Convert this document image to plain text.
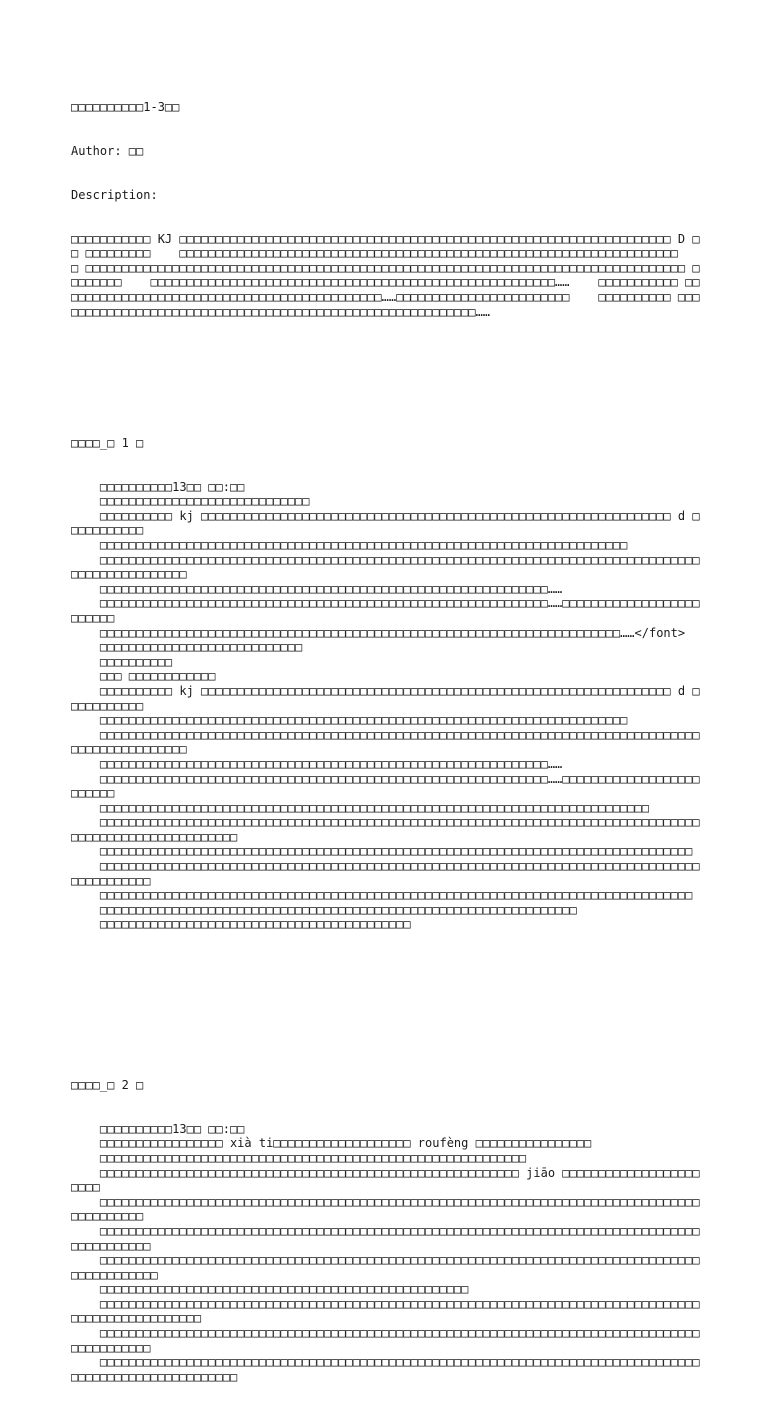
□□□□□□□□□□1-3□□

Author: □□

Description:

□□□□□□□□□□□ KJ □□□□□□□□□□□□□□□□□□□□□□□□□□□□□□□□□□□□□□□□□□□□□□□□□□□□□□□□□□□□□□□□□□□□ D □□ □□□□□□□□□    □□□□□□□□□□□□□□□□□□□□□□□□□□□□□□□□□□□□□□□□□□□□□□□□□□□□□□□□□□□□□□□□□□□□□    □ □□□□□□□□□□□□□□□□□□□□□□□□□□□□□□□□□□□□□□□□□□□□□□□□□□□□□□□□□□□□□□□□□□□□□□□□□□□□□□□□□□□ □□□□□□□□    □□□□□□□□□□□□□□□□□□□□□□□□□□□□□□□□□□□□□□□□□□□□□□□□□□□□□□□□……    □□□□□□□□□□□ □□□□□□□□□□□□□□□□□□□□□□□□□□□□□□□□□□□□□□□□□□□□□……□□□□□□□□□□□□□□□□□□□□□□□□    □□□□□□□□□□ □□□□□□□□□□□□□□□□□□□□□□□□□□□□□□□□□□□□□□□□□□□□□□□□□□□□□□□□□□□……

□□□□_□ 1 □

□□□□□□□□□□13□□ □□:□□
□□□□□□□□□□□□□□□□□□□□□□□□□□□□□
□□□□□□□□□□ kj □□□□□□□□□□□□□□□□□□□□□□□□□□□□□□□□□□□□□□□□□□□□□□□□□□□□□□□□□□□□□□□□□ d □□□□□□□□□□□
□□□□□□□□□□□□□□□□□□□□□□□□□□□□□□□□□□□□□□□□□□□□□□□□□□□□□□□□□□□□□□□□□□□□□□□□□
□□□□□□□□□□□□□□□□□□□□□□□□□□□□□□□□□□□□□□□□□□□□□□□□□□□□□□□□□□□□□□□□□□□□□□□□□□□□□□□□□□□□□□□□□□□□□□□□□□□
□□□□□□□□□□□□□□□□□□□□□□□□□□□□□□□□□□□□□□□□□□□□□□□□□□□□□□□□□□□□□□……
□□□□□□□□□□□□□□□□□□□□□□□□□□□□□□□□□□□□□□□□□□□□□□□□□□□□□□□□□□□□□□……□□□□□□□□□□□□□□□□□□□□□□□□□
□□□□□□□□□□□□□□□□□□□□□□□□□□□□□□□□□□□□□□□□□□□□□□□□□□□□□□□□□□□□□□□□□□□□□□□□……</font>
□□□□□□□□□□□□□□□□□□□□□□□□□□□□
□□□□□□□□□□
□□□ □□□□□□□□□□□□
□□□□□□□□□□ kj □□□□□□□□□□□□□□□□□□□□□□□□□□□□□□□□□□□□□□□□□□□□□□□□□□□□□□□□□□□□□□□□□ d □□□□□□□□□□□
□□□□□□□□□□□□□□□□□□□□□□□□□□□□□□□□□□□□□□□□□□□□□□□□□□□□□□□□□□□□□□□□□□□□□□□□□
□□□□□□□□□□□□□□□□□□□□□□□□□□□□□□□□□□□□□□□□□□□□□□□□□□□□□□□□□□□□□□□□□□□□□□□□□□□□□□□□□□□□□□□□□□□□□□□□□□□
□□□□□□□□□□□□□□□□□□□□□□□□□□□□□□□□□□□□□□□□□□□□□□□□□□□□□□□□□□□□□□……
□□□□□□□□□□□□□□□□□□□□□□□□□□□□□□□□□□□□□□□□□□□□□□□□□□□□□□□□□□□□□□……□□□□□□□□□□□□□□□□□□□□□□□□□
□□□□□□□□□□□□□□□□□□□□□□□□□□□□□□□□□□□□□□□□□□□□□□□□□□□□□□□□□□□□□□□□□□□□□□□□□□□□
□□□□□□□□□□□□□□□□□□□□□□□□□□□□□□□□□□□□□□□□□□□□□□□□□□□□□□□□□□□□□□□□□□□□□□□□□□□□□□□□□□□□□□□□□□□□□□□□□□□□□□□□□□
□□□□□□□□□□□□□□□□□□□□□□□□□□□□□□□□□□□□□□□□□□□□□□□□□□□□□□□□□□□□□□□□□□□□□□□□□□□□□□□□□□
□□□□□□□□□□□□□□□□□□□□□□□□□□□□□□□□□□□□□□□□□□□□□□□□□□□□□□□□□□□□□□□□□□□□□□□□□□□□□□□□□□□□□□□□□□□□□□
□□□□□□□□□□□□□□□□□□□□□□□□□□□□□□□□□□□□□□□□□□□□□□□□□□□□□□□□□□□□□□□□□□□□□□□□□□□□□□□□□□
□□□□□□□□□□□□□□□□□□□□□□□□□□□□□□□□□□□□□□□□□□□□□□□□□□□□□□□□□□□□□□□□□□
□□□□□□□□□□□□□□□□□□□□□□□□□□□□□□□□□□□□□□□□□□□

□□□□_□ 2 □

□□□□□□□□□□13□□ □□:□□
□□□□□□□□□□□□□□□□□ xià ti□□□□□□□□□□□□□□□□□□□ roufèng □□□□□□□□□□□□□□□□
□□□□□□□□□□□□□□□□□□□□□□□□□□□□□□□□□□□□□□□□□□□□□□□□□□□□□□□□□□□
□□□□□□□□□□□□□□□□□□□□□□□□□□□□□□□□□□□□□□□□□□□□□□□□□□□□□□□□□□ jiāo □□□□□□□□□□□□□□□□□□□□□□□
□□□□□□□□□□□□□□□□□□□□□□□□□□□□□□□□□□□□□□□□□□□□□□□□□□□□□□□□□□□□□□□□□□□□□□□□□□□□□□□□□□□□□□□□□□□□□
□□□□□□□□□□□□□□□□□□□□□□□□□□□□□□□□□□□□□□□□□□□□□□□□□□□□□□□□□□□□□□□□□□□□□□□□□□□□□□□□□□□□□□□□□□□□□□
□□□□□□□□□□□□□□□□□□□□□□□□□□□□□□□□□□□□□□□□□□□□□□□□□□□□□□□□□□□□□□□□□□□□□□□□□□□□□□□□□□□□□□□□□□□□□□□
□□□□□□□□□□□□□□□□□□□□□□□□□□□□□□□□□□□□□□□□□□□□□□□□□□□
□□□□□□□□□□□□□□□□□□□□□□□□□□□□□□□□□□□□□□□□□□□□□□□□□□□□□□□□□□□□□□□□□□□□□□□□□□□□□□□□□□□□□□□□□□□□□□□□□□□□□
□□□□□□□□□□□□□□□□□□□□□□□□□□□□□□□□□□□□□□□□□□□□□□□□□□□□□□□□□□□□□□□□□□□□□□□□□□□□□□□□□□□□□□□□□□□□□□
□□□□□□□□□□□□□□□□□□□□□□□□□□□□□□□□□□□□□□□□□□□□□□□□□□□□□□□□□□□□□□□□□□□□□□□□□□□□□□□□□□□□□□□□□□□□□□□□□□□□□□□□□□
